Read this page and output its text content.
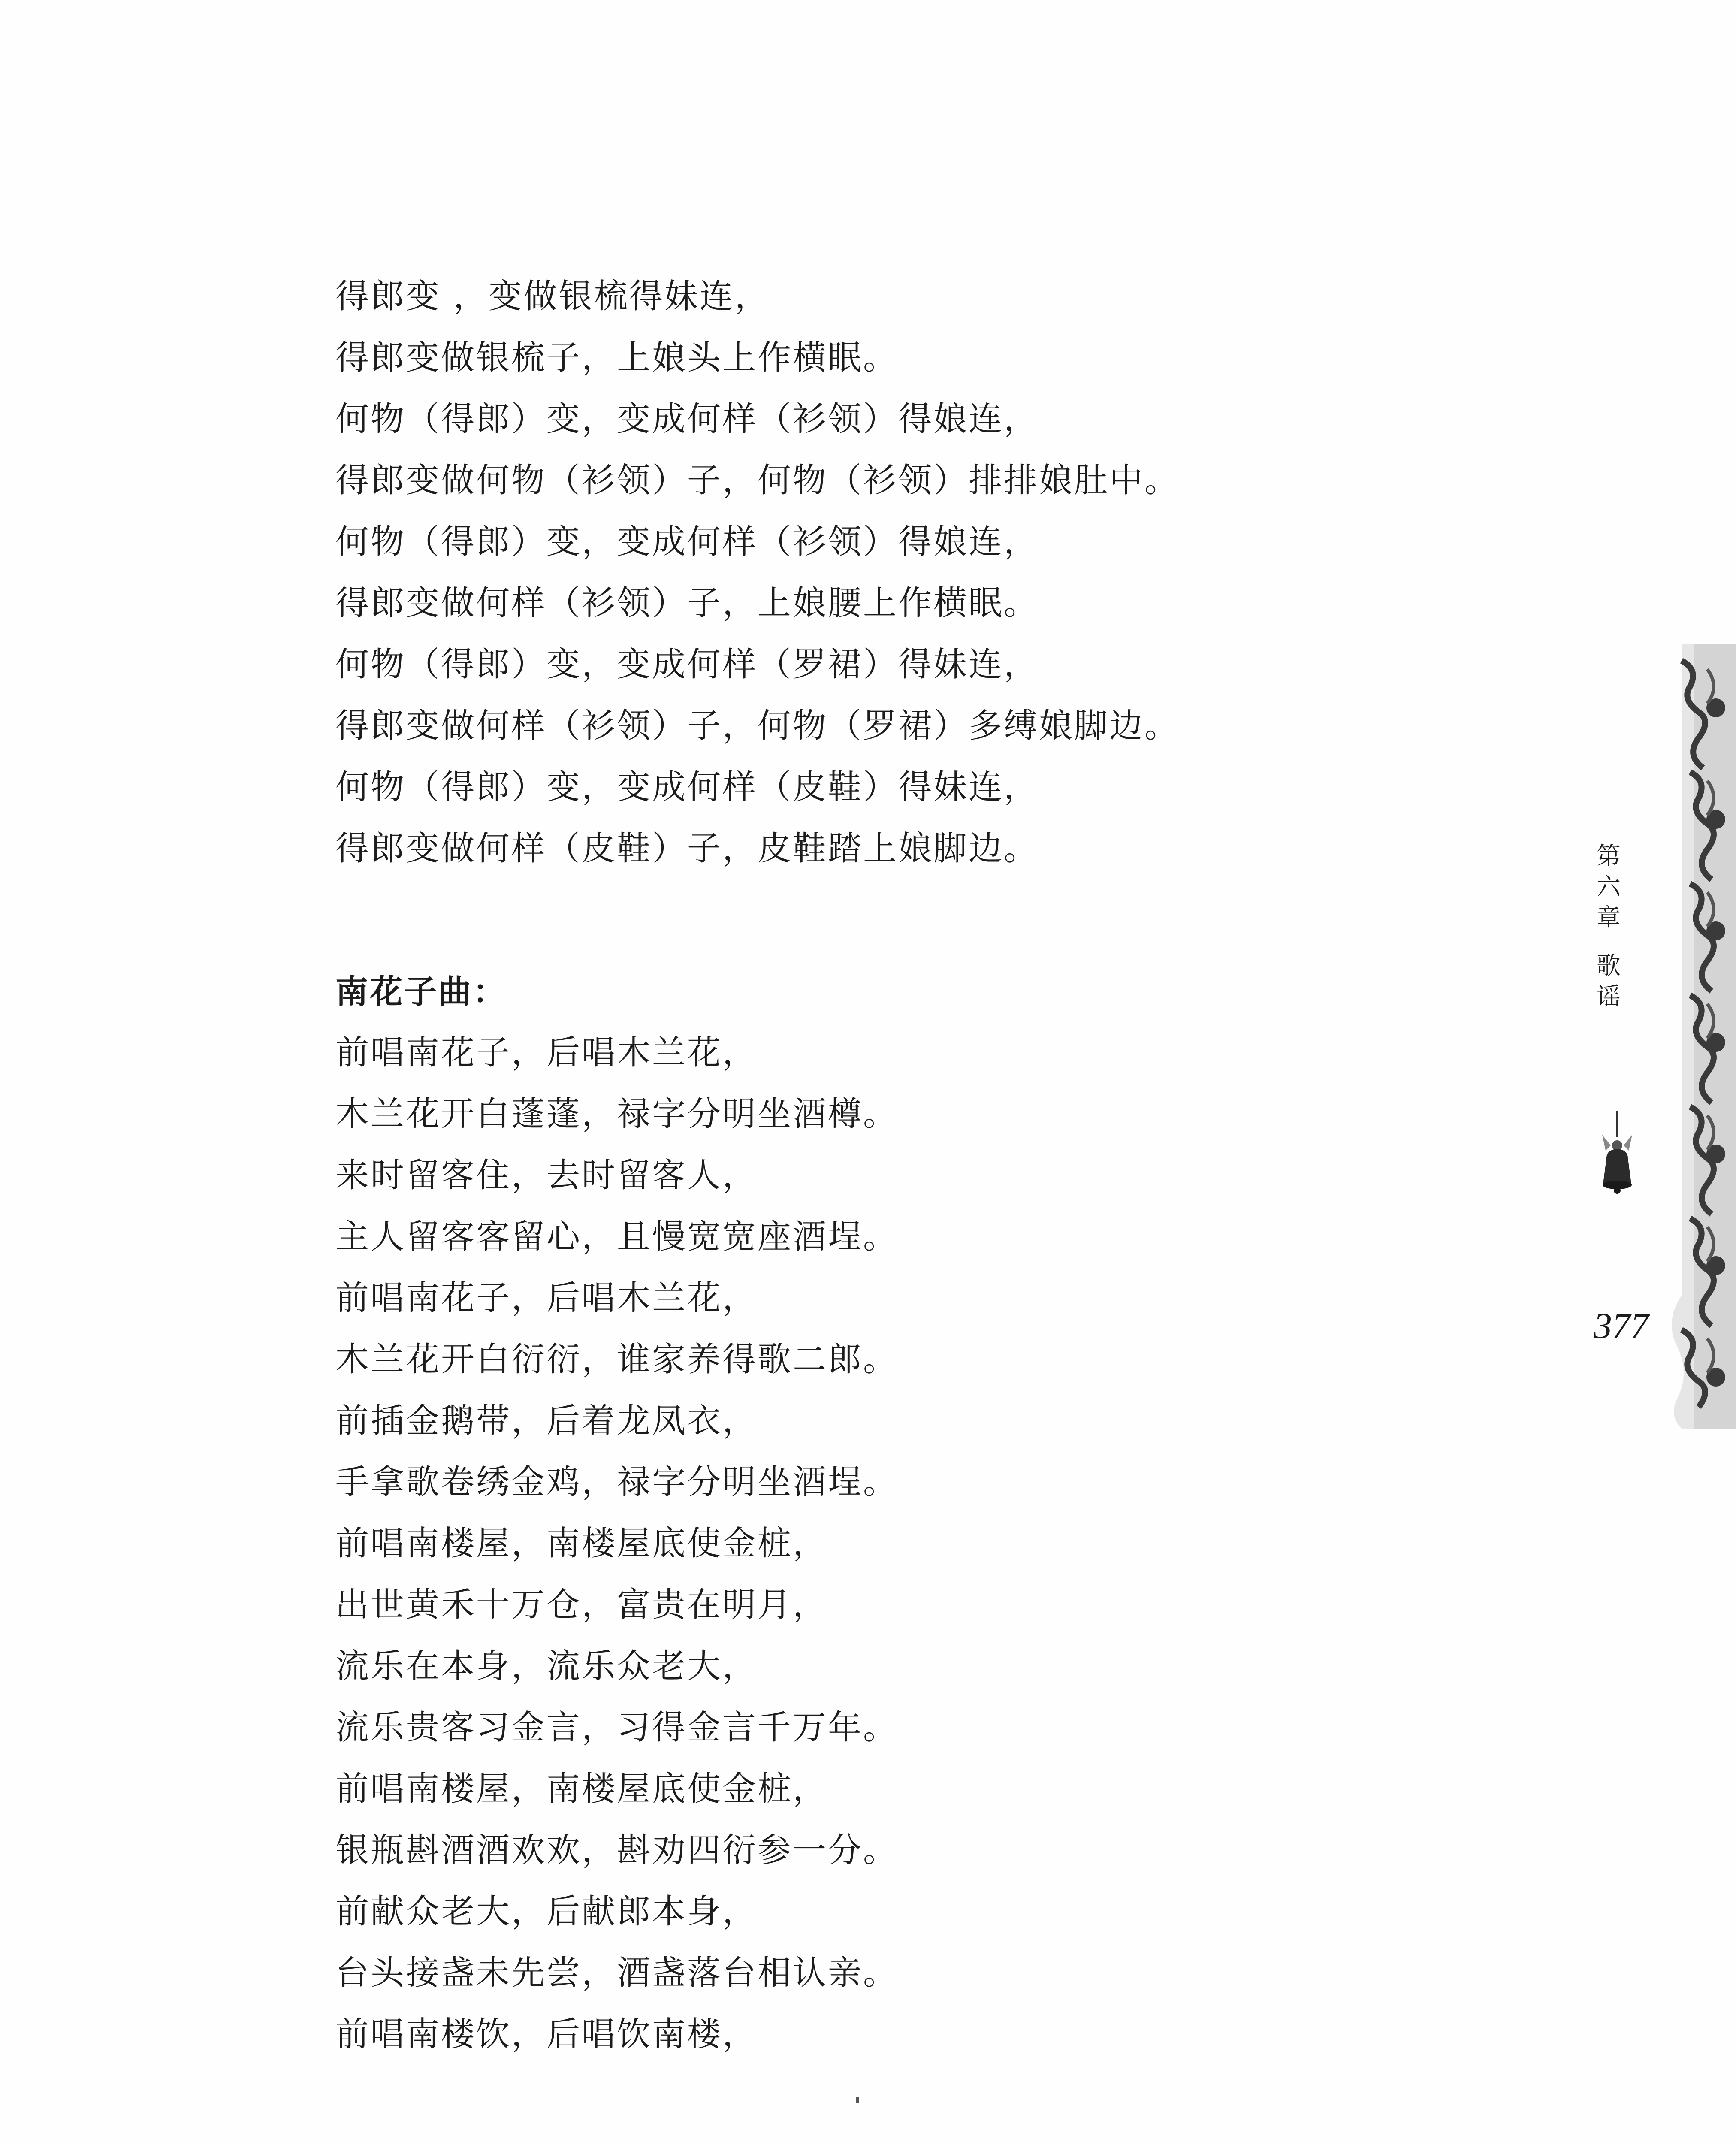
得郎变 ，变做银梳得妹连，
得郎变做银梳子，上娘头上作横眠。
何物（得郎）变，变成何样（衫领）得娘连，
得郎变做何物（衫领）子，何物（衫领）排排娘肚中。
何物（得郎）变，变成何样（衫领）得娘连，
得郎变做何样（衫领）子，上娘腰上作横眠。
何物（得郎）变，变成何样（罗裙）得妹连，
得郎变做何样（衫领）子，何物（罗裙）多缚娘脚边。
何物（得郎）变，变成何样（皮鞋）得妹连，
得郎变做何样（皮鞋）子，皮鞋踏上娘脚边。
南花子曲：
前唱南花子，后唱木兰花，
木兰花开白蓬蓬，禄字分明坐酒樽。
来时留客住，去时留客人，
主人留客客留心，且慢宽宽座酒埕。
前唱南花子，后唱木兰花，
木兰花开白衍衍，谁家养得歌二郎。
前插金鹅带，后着龙凤衣，
手拿歌卷绣金鸡，禄字分明坐酒埕。
前唱南楼屋，南楼屋底使金桩，
出世黄禾十万仓，富贵在明月，
流乐在本身，流乐众老大，
流乐贵客习金言，习得金言千万年。
前唱南楼屋，南楼屋底使金桩，
银瓶斟酒酒欢欢，斟劝四衍参一分。
前献众老大，后献郎本身，
台头接盏未先尝，酒盏落台相认亲。
前唱南楼饮，后唱饮南楼，
第
六
章
歌
谣
377
